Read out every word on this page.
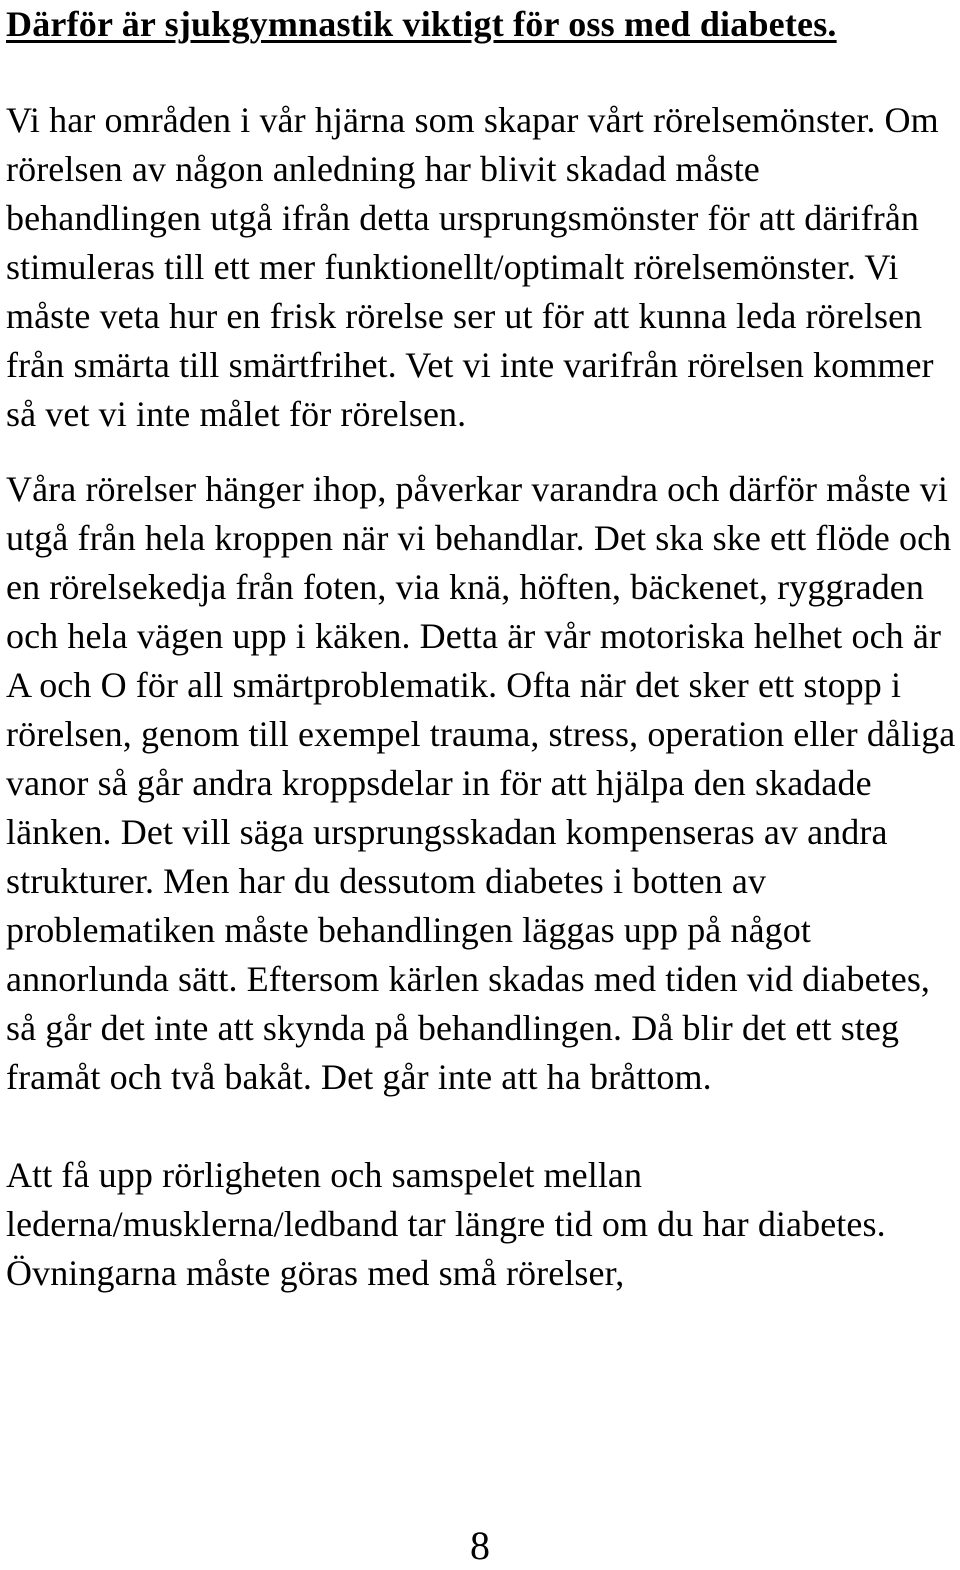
Därför är sjukgymnastik viktigt för oss med diabetes.

Vi har områden i vår hjärna som skapar vårt rörelsemönster. Om rörelsen av någon anledning har blivit skadad måste behandlingen utgå ifrån detta ursprungsmönster för att därifrån stimuleras till ett mer funktionellt/optimalt rörelsemönster. Vi måste veta hur en frisk rörelse ser ut för att kunna leda rörelsen från smärta till smärtfrihet. Vet vi inte varifrån rörelsen kommer så vet vi inte målet för rörelsen.

Våra rörelser hänger ihop, påverkar varandra och därför måste vi utgå från hela kroppen när vi behandlar. Det ska ske ett flöde och en rörelsekedja från foten, via knä, höften, bäckenet, ryggraden och hela vägen upp i käken. Detta är vår motoriska helhet och är A och O för all smärtproblematik. Ofta när det sker ett stopp i rörelsen, genom till exempel trauma, stress, operation eller dåliga vanor så går andra kroppsdelar in för att hjälpa den skadade länken. Det vill säga ursprungsskadan kompenseras av andra strukturer. Men har du dessutom diabetes i botten av problematiken måste behandlingen läggas upp på något annorlunda sätt. Eftersom kärlen skadas med tiden vid diabetes, så går det inte att skynda på behandlingen. Då blir det ett steg framåt och två bakåt. Det går inte att ha bråttom.

Att få upp rörligheten och samspelet mellan lederna/musklerna/ledband tar längre tid om du har diabetes. Övningarna måste göras med små rörelser,

8
